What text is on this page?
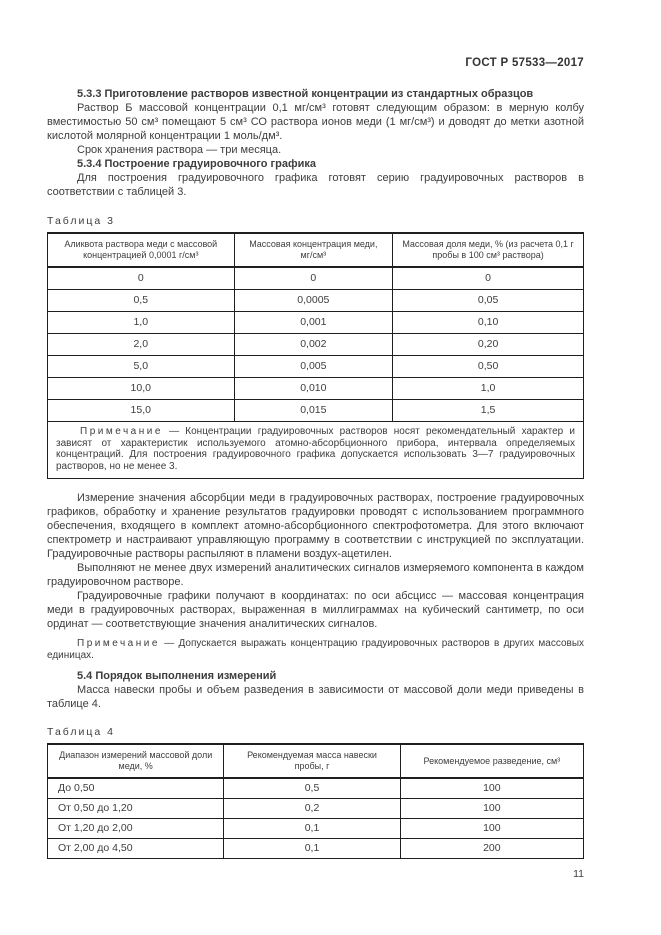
ГОСТ Р 57533—2017
5.3.3 Приготовление растворов известной концентрации из стандартных образцов

Раствор Б массовой концентрации 0,1 мг/см³ готовят следующим образом: в мерную колбу вместимостью 50 см³ помещают 5 см³ СО раствора ионов меди (1 мг/см³) и доводят до метки азотной кислотой молярной концентрации 1 моль/дм³.

Срок хранения раствора — три месяца.

5.3.4 Построение градуировочного графика

Для построения градуировочного графика готовят серию градуировочных растворов в соответствии с таблицей 3.

Таблица 3
Аликвота раствора меди с массовой концентрацией 0,0001 г/см³	Массовая концентрация меди, мг/см³	Массовая доля меди, % (из расчета 0,1 г пробы в 100 см³ раствора)
0	0	0
0,5	0,0005	0,05
1,0	0,001	0,10
2,0	0,002	0,20
5,0	0,005	0,50
10,0	0,010	1,0
15,0	0,015	1,5
Примечание — Концентрации градуировочных растворов носят рекомендательный характер и зависят от характеристик используемого атомно-абсорбционного прибора, интервала определяемых концентраций. Для построения градуировочного графика допускается использовать 3—7 градуировочных растворов, но не менее 3.		

Измерение значения абсорбции меди в градуировочных растворах, построение градуировочных графиков, обработку и хранение результатов градуировки проводят с использованием программного обеспечения, входящего в комплект атомно-абсорбционного спектрофотометра. Для этого включают спектрометр и настраивают управляющую программу в соответствии с инструкцией по эксплуатации. Градуировочные растворы распыляют в пламени воздух-ацетилен.

Выполняют не менее двух измерений аналитических сигналов измеряемого компонента в каждом градуировочном растворе.

Градуировочные графики получают в координатах: по оси абсцисс — массовая концентрация меди в градуировочных растворах, выраженная в миллиграммах на кубический сантиметр, по оси ординат — соответствующие значения аналитических сигналов.

Примечание — Допускается выражать концентрацию градуировочных растворов в других массовых единицах.

5.4 Порядок выполнения измерений

Масса навески пробы и объем разведения в зависимости от массовой доли меди приведены в таблице 4.

Таблица 4
Диапазон измерений массовой доли меди, %	Рекомендуемая масса навески пробы, г	Рекомендуемое разведение, см³
До 0,50	0,5	100
От 0,50 до 1,20	0,2	100
От 1,20 до 2,00	0,1	100
От 2,00 до 4,50	0,1	200
11
